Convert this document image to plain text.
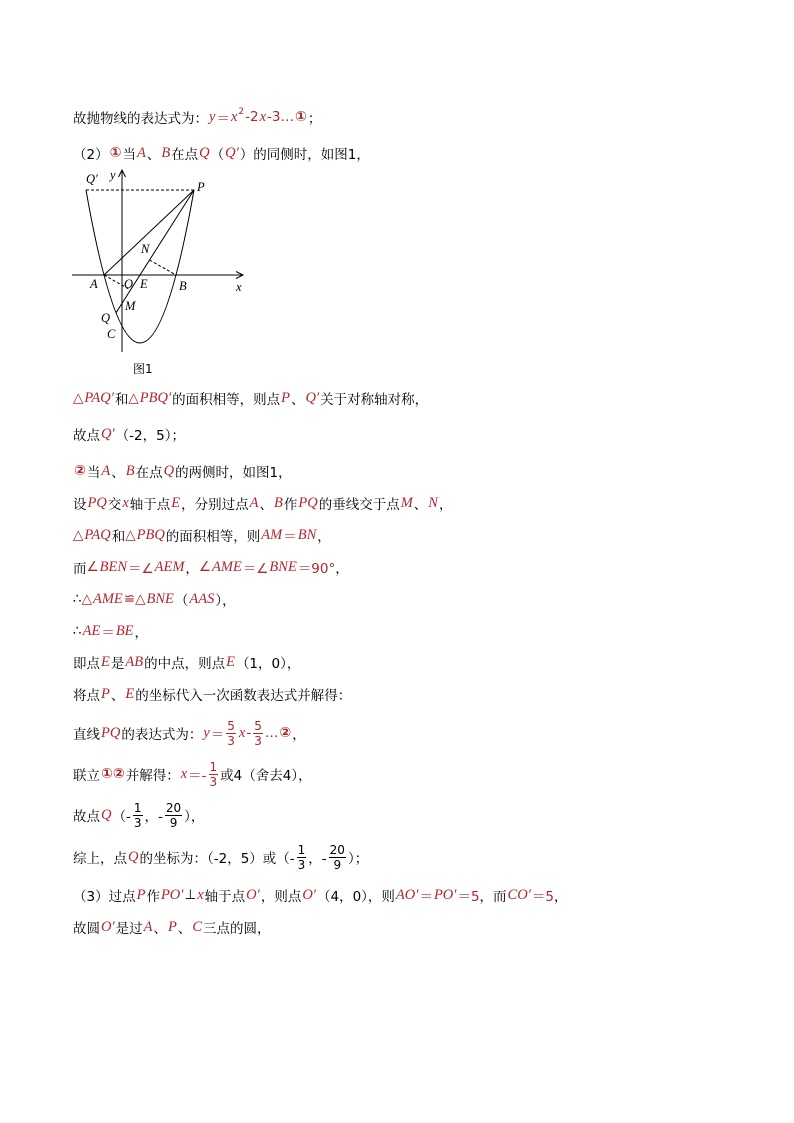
Q′ y
P
N
A O E	B	x
Q
M
C
图1
故抛物线的表达式为： y ＝ x 2 -2 x -3… ① ；
（2） ① 当 A 、 B 在点 Q （ Q′ ）的同侧时，如图1，
△ PAQ′ 和 △ PBQ′ 的面积相等，则点 P 、 Q′ 关于对称轴对称，
故点 Q′ （-2，5）；
② 当 A 、 B 在点 Q 的两侧时，如图1，
设 PQ 交 x 轴于点 E ，分别过点 A 、 B 作 PQ 的垂线交于点 M 、 N ，
△ PAQ 和 △ PBQ 的面积相等，则 AM ＝ BN ，
而 ∠ BEN ＝∠ AEM ， ∠ AME ＝∠ BNE ＝90° ，
∴ △ AME ≌△ BNE （ AAS ），
∴ AE ＝ BE ，
即点 E 是 AB 的中点，则点 E （1，0），
将点 P 、 E 的坐标代入一次函数表达式并解得：
直线 PQ 的表达式为： $y = \frac{5}{3}$ x - $\frac{5}{3}$ … ② ，
联立 ①② 并解得： $x =- \frac{1}{3}$ 或4（舍去4），
故点 Q （- $\frac{1}{3}$ ，- $\frac{20}{9}$ ），
综上，点 Q 的坐标为：（-2，5）或（- $\frac{1}{3}$ ，- $\frac{20}{9}$ ）；
（3）过点 P 作 PO′ ⊥ x 轴于点 O′ ，则点 O′ （4，0），则 AO′ ＝ PO′ ＝5 ，而 CO′ ＝5 ，
故圆 O′ 是过 A 、 P 、 C 三点的圆，
